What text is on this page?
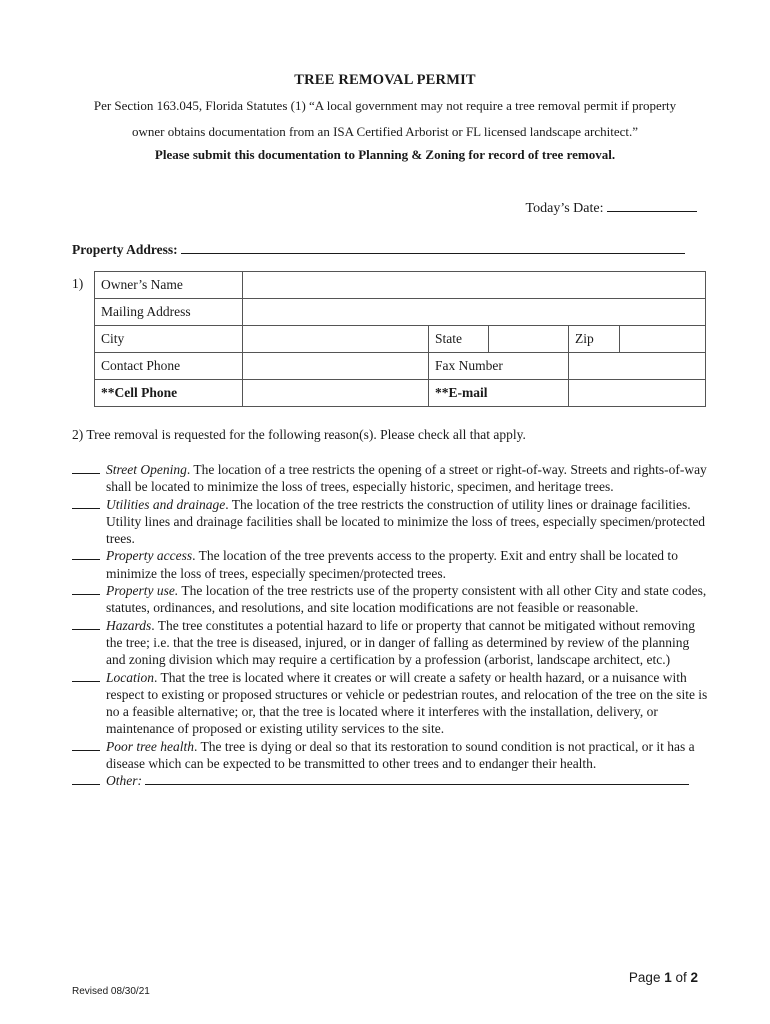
TREE REMOVAL PERMIT
Per Section 163.045, Florida Statutes (1) “A local government may not require a tree removal permit if property
owner obtains documentation from an ISA Certified Arborist or FL licensed landscape architect.”
Please submit this documentation to Planning & Zoning for record of tree removal.
Today’s Date:
Property Address:
1) Owner’s Name					
Mailing Address					
City		State		Zip	
Contact Phone		Fax Number			
**Cell Phone		**E-mail			
2) Tree removal is requested for the following reason(s). Please check all that apply.

Street Opening. The location of a tree restricts the opening of a street or right-of-way. Streets and rights-of-way shall be located to minimize the loss of trees, especially historic, specimen, and heritage trees.

Utilities and drainage. The location of the tree restricts the construction of utility lines or drainage facilities. Utility lines and drainage facilities shall be located to minimize the loss of trees, especially specimen/protected trees.

Property access. The location of the tree prevents access to the property. Exit and entry shall be located to minimize the loss of trees, especially specimen/protected trees.

Property use. The location of the tree restricts use of the property consistent with all other City and state codes, statutes, ordinances, and resolutions, and site location modifications are not feasible or reasonable.

Hazards. The tree constitutes a potential hazard to life or property that cannot be mitigated without removing the tree; i.e. that the tree is diseased, injured, or in danger of falling as determined by review of the planning and zoning division which may require a certification by a profession (arborist, landscape architect, etc.)

Location. That the tree is located where it creates or will create a safety or health hazard, or a nuisance with respect to existing or proposed structures or vehicle or pedestrian routes, and relocation of the tree on the site is no a feasible alternative; or, that the tree is located where it interferes with the installation, delivery, or maintenance of proposed or existing utility services to the site.

Poor tree health. The tree is dying or deal so that its restoration to sound condition is not practical, or it has a disease which can be expected to be transmitted to other trees and to endanger their health.

Other:

Page 1 of 2
Revised 08/30/21
